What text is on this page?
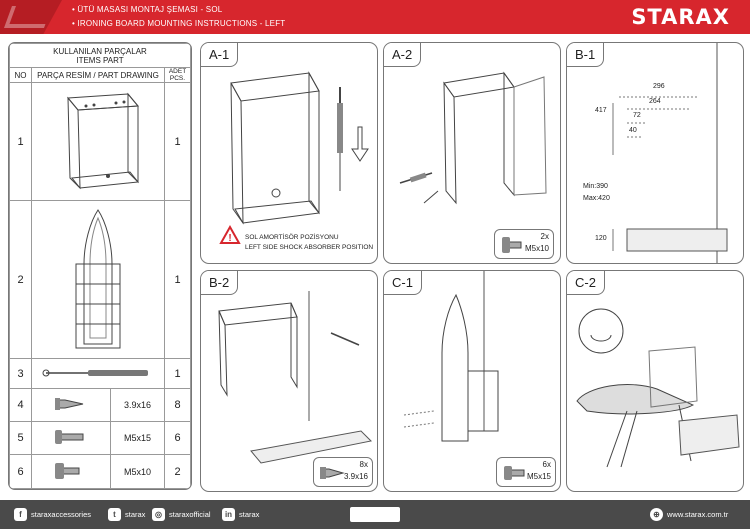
• ÜTÜ MASASI MONTAJ ŞEMASI - SOL
• IRONING BOARD MOUNTING INSTRUCTIONS - LEFT	STARAX
KULLANILAN PARÇALAR
ITEMS PART			
NO	PARÇA RESİM / PART DRAWING		ADET
PCS.
1			1
2			1
3			1
4		3.9x16	8
5		M5x15	6
6		M5x10	2
A-1
! SOL AMORTİSÖR POZİSYONU
LEFT SIDE SHOCK ABSORBER POSITION
A-2
2x
M5x10
B-1
296
264
72
40
417
Min:390
Max:420
120
B-2
8x
3.9x16
C-1
6x
M5x15
C-2
f	staraxaccessories	t	starax	◎ staraxofficial	in starax	⊕ www.starax.com.tr
